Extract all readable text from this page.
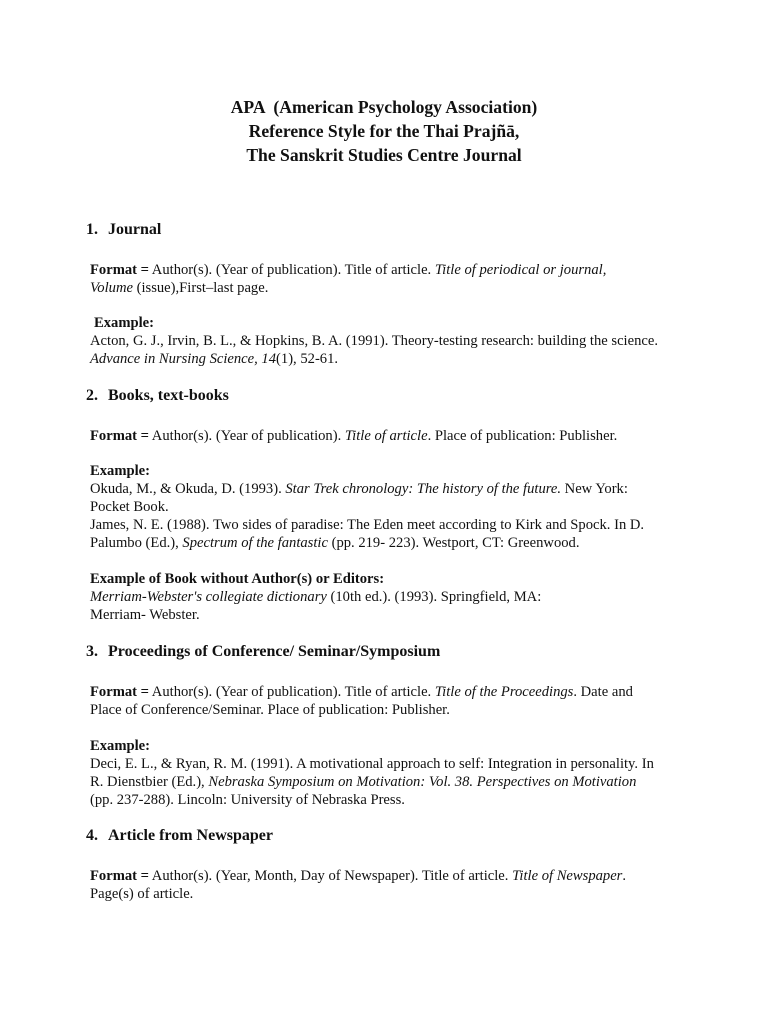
APA  (American Psychology Association)
Reference Style for the Thai Prajñā,
The Sanskrit Studies Centre Journal
1. Journal
Format = Author(s). (Year of publication). Title of article. Title of periodical or journal,
Volume (issue),First–last page.
Example:
Acton, G. J., Irvin, B. L., & Hopkins, B. A. (1991). Theory-testing research: building the science.
Advance in Nursing Science, 14(1), 52-61.
2. Books, text-books
Format = Author(s). (Year of publication). Title of article. Place of publication: Publisher.
Example:
Okuda, M., & Okuda, D. (1993). Star Trek chronology: The history of the future. New York:
Pocket Book.
James, N. E. (1988). Two sides of paradise: The Eden meet according to Kirk and Spock. In D.
Palumbo (Ed.), Spectrum of the fantastic (pp. 219- 223). Westport, CT: Greenwood.
Example of Book without Author(s) or Editors:
Merriam-Webster's collegiate dictionary (10th ed.). (1993). Springfield, MA:
Merriam- Webster.
3. Proceedings of Conference/ Seminar/Symposium
Format = Author(s). (Year of publication). Title of article. Title of the Proceedings. Date and
Place of Conference/Seminar. Place of publication: Publisher.
Example:
Deci, E. L., & Ryan, R. M. (1991). A motivational approach to self: Integration in personality. In
R. Dienstbier (Ed.), Nebraska Symposium on Motivation: Vol. 38. Perspectives on Motivation
(pp. 237-288). Lincoln: University of Nebraska Press.
4. Article from Newspaper
Format = Author(s). (Year, Month, Day of Newspaper). Title of article. Title of Newspaper.
Page(s) of article.
